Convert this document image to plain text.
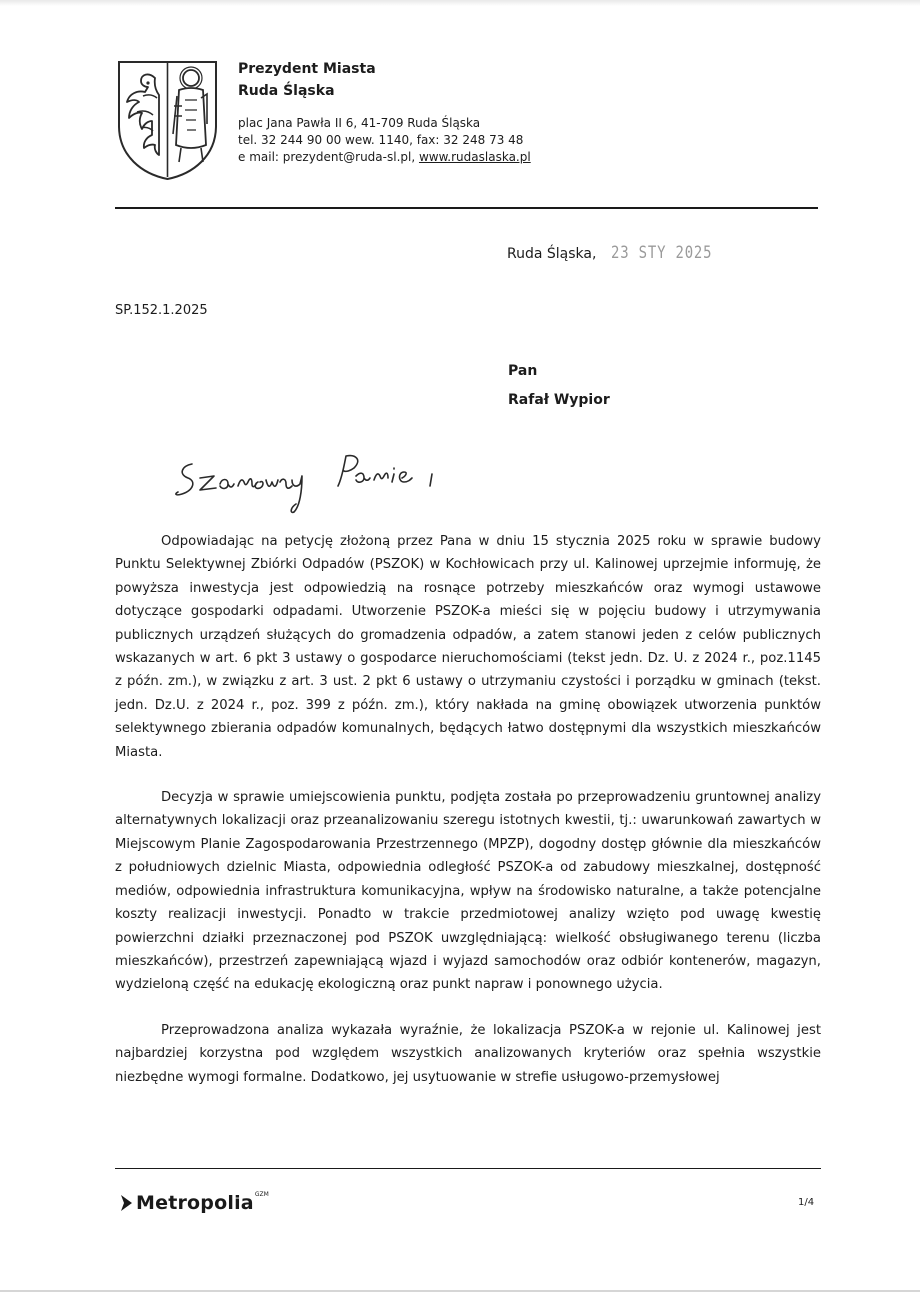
Prezydent Miasta
Ruda Śląska
plac Jana Pawła II 6, 41-709 Ruda Śląska
tel. 32 244 90 00 wew. 1140, fax: 32 248 73 48
e mail: prezydent@ruda-sl.pl, www.rudaslaska.pl
Ruda Śląska, 23 STY 2025
SP.152.1.2025
Pan
Rafał Wypior

Odpowiadając na petycję złożoną przez Pana w dniu 15 stycznia 2025 roku w sprawie budowy Punktu Selektywnej Zbiórki Odpadów (PSZOK) w Kochłowicach przy ul. Kalinowej uprzejmie informuję, że powyższa inwestycja jest odpowiedzią na rosnące potrzeby mieszkańców oraz wymogi ustawowe dotyczące gospodarki odpadami. Utworzenie PSZOK-a mieści się w pojęciu budowy i utrzymywania publicznych urządzeń służących do gromadzenia odpadów, a zatem stanowi jeden z celów publicznych wskazanych w art. 6 pkt 3 ustawy o gospodarce nieruchomościami (tekst jedn. Dz. U. z 2024 r., poz.1145 z późn. zm.), w związku z art. 3 ust. 2 pkt 6 ustawy o utrzymaniu czystości i porządku w gminach (tekst. jedn. Dz.U. z 2024 r., poz. 399 z późn. zm.), który nakłada na gminę obowiązek utworzenia punktów selektywnego zbierania odpadów komunalnych, będących łatwo dostępnymi dla wszystkich mieszkańców Miasta.

Decyzja w sprawie umiejscowienia punktu, podjęta została po przeprowadzeniu gruntownej analizy alternatywnych lokalizacji oraz przeanalizowaniu szeregu istotnych kwestii, tj.: uwarunkowań zawartych w Miejscowym Planie Zagospodarowania Przestrzennego (MPZP), dogodny dostęp głównie dla mieszkańców z południowych dzielnic Miasta, odpowiednia odległość PSZOK-a od zabudowy mieszkalnej, dostępność mediów, odpowiednia infrastruktura komunikacyjna, wpływ na środowisko naturalne, a także potencjalne koszty realizacji inwestycji. Ponadto w trakcie przedmiotowej analizy wzięto pod uwagę kwestię powierzchni działki przeznaczonej pod PSZOK uwzględniającą: wielkość obsługiwanego terenu (liczba mieszkańców), przestrzeń zapewniającą wjazd i wyjazd samochodów oraz odbiór kontenerów, magazyn, wydzieloną część na edukację ekologiczną oraz punkt napraw i ponownego użycia.

Przeprowadzona analiza wykazała wyraźnie, że lokalizacja PSZOK-a w rejonie ul. Kalinowej jest najbardziej korzystna pod względem wszystkich analizowanych kryteriów oraz spełnia wszystkie niezbędne wymogi formalne. Dodatkowo, jej usytuowanie w strefie usługowo-przemysłowej

Metropolia GZM
1/4
